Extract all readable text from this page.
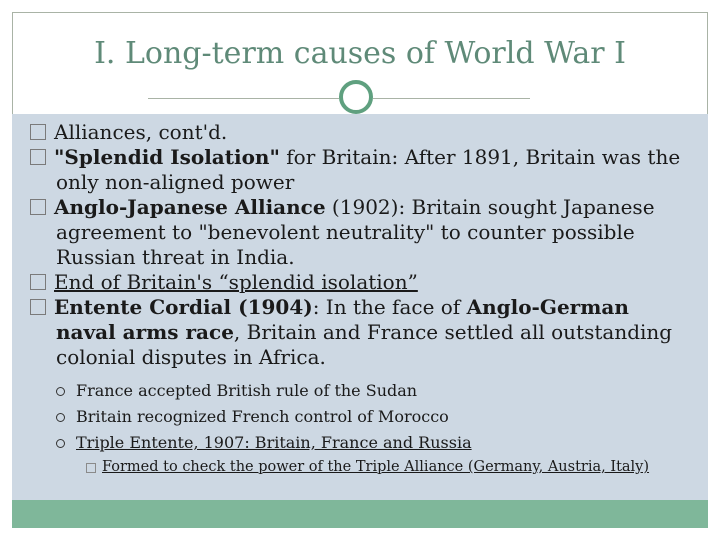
I. Long-term causes of World War I

Alliances, cont'd.

"Splendid Isolation" for Britain: After 1891, Britain was the only non-aligned power

Anglo-Japanese Alliance (1902): Britain sought Japanese agreement to "benevolent neutrality" to counter possible Russian threat in India.

End of Britain's “splendid isolation”

Entente Cordial (1904): In the face of Anglo-German naval arms race, Britain and France settled all outstanding colonial disputes in Africa.

France accepted British rule of the Sudan

Britain recognized French control of Morocco

Triple Entente, 1907: Britain, France and Russia

Formed to check the power of the Triple Alliance (Germany, Austria, Italy)
